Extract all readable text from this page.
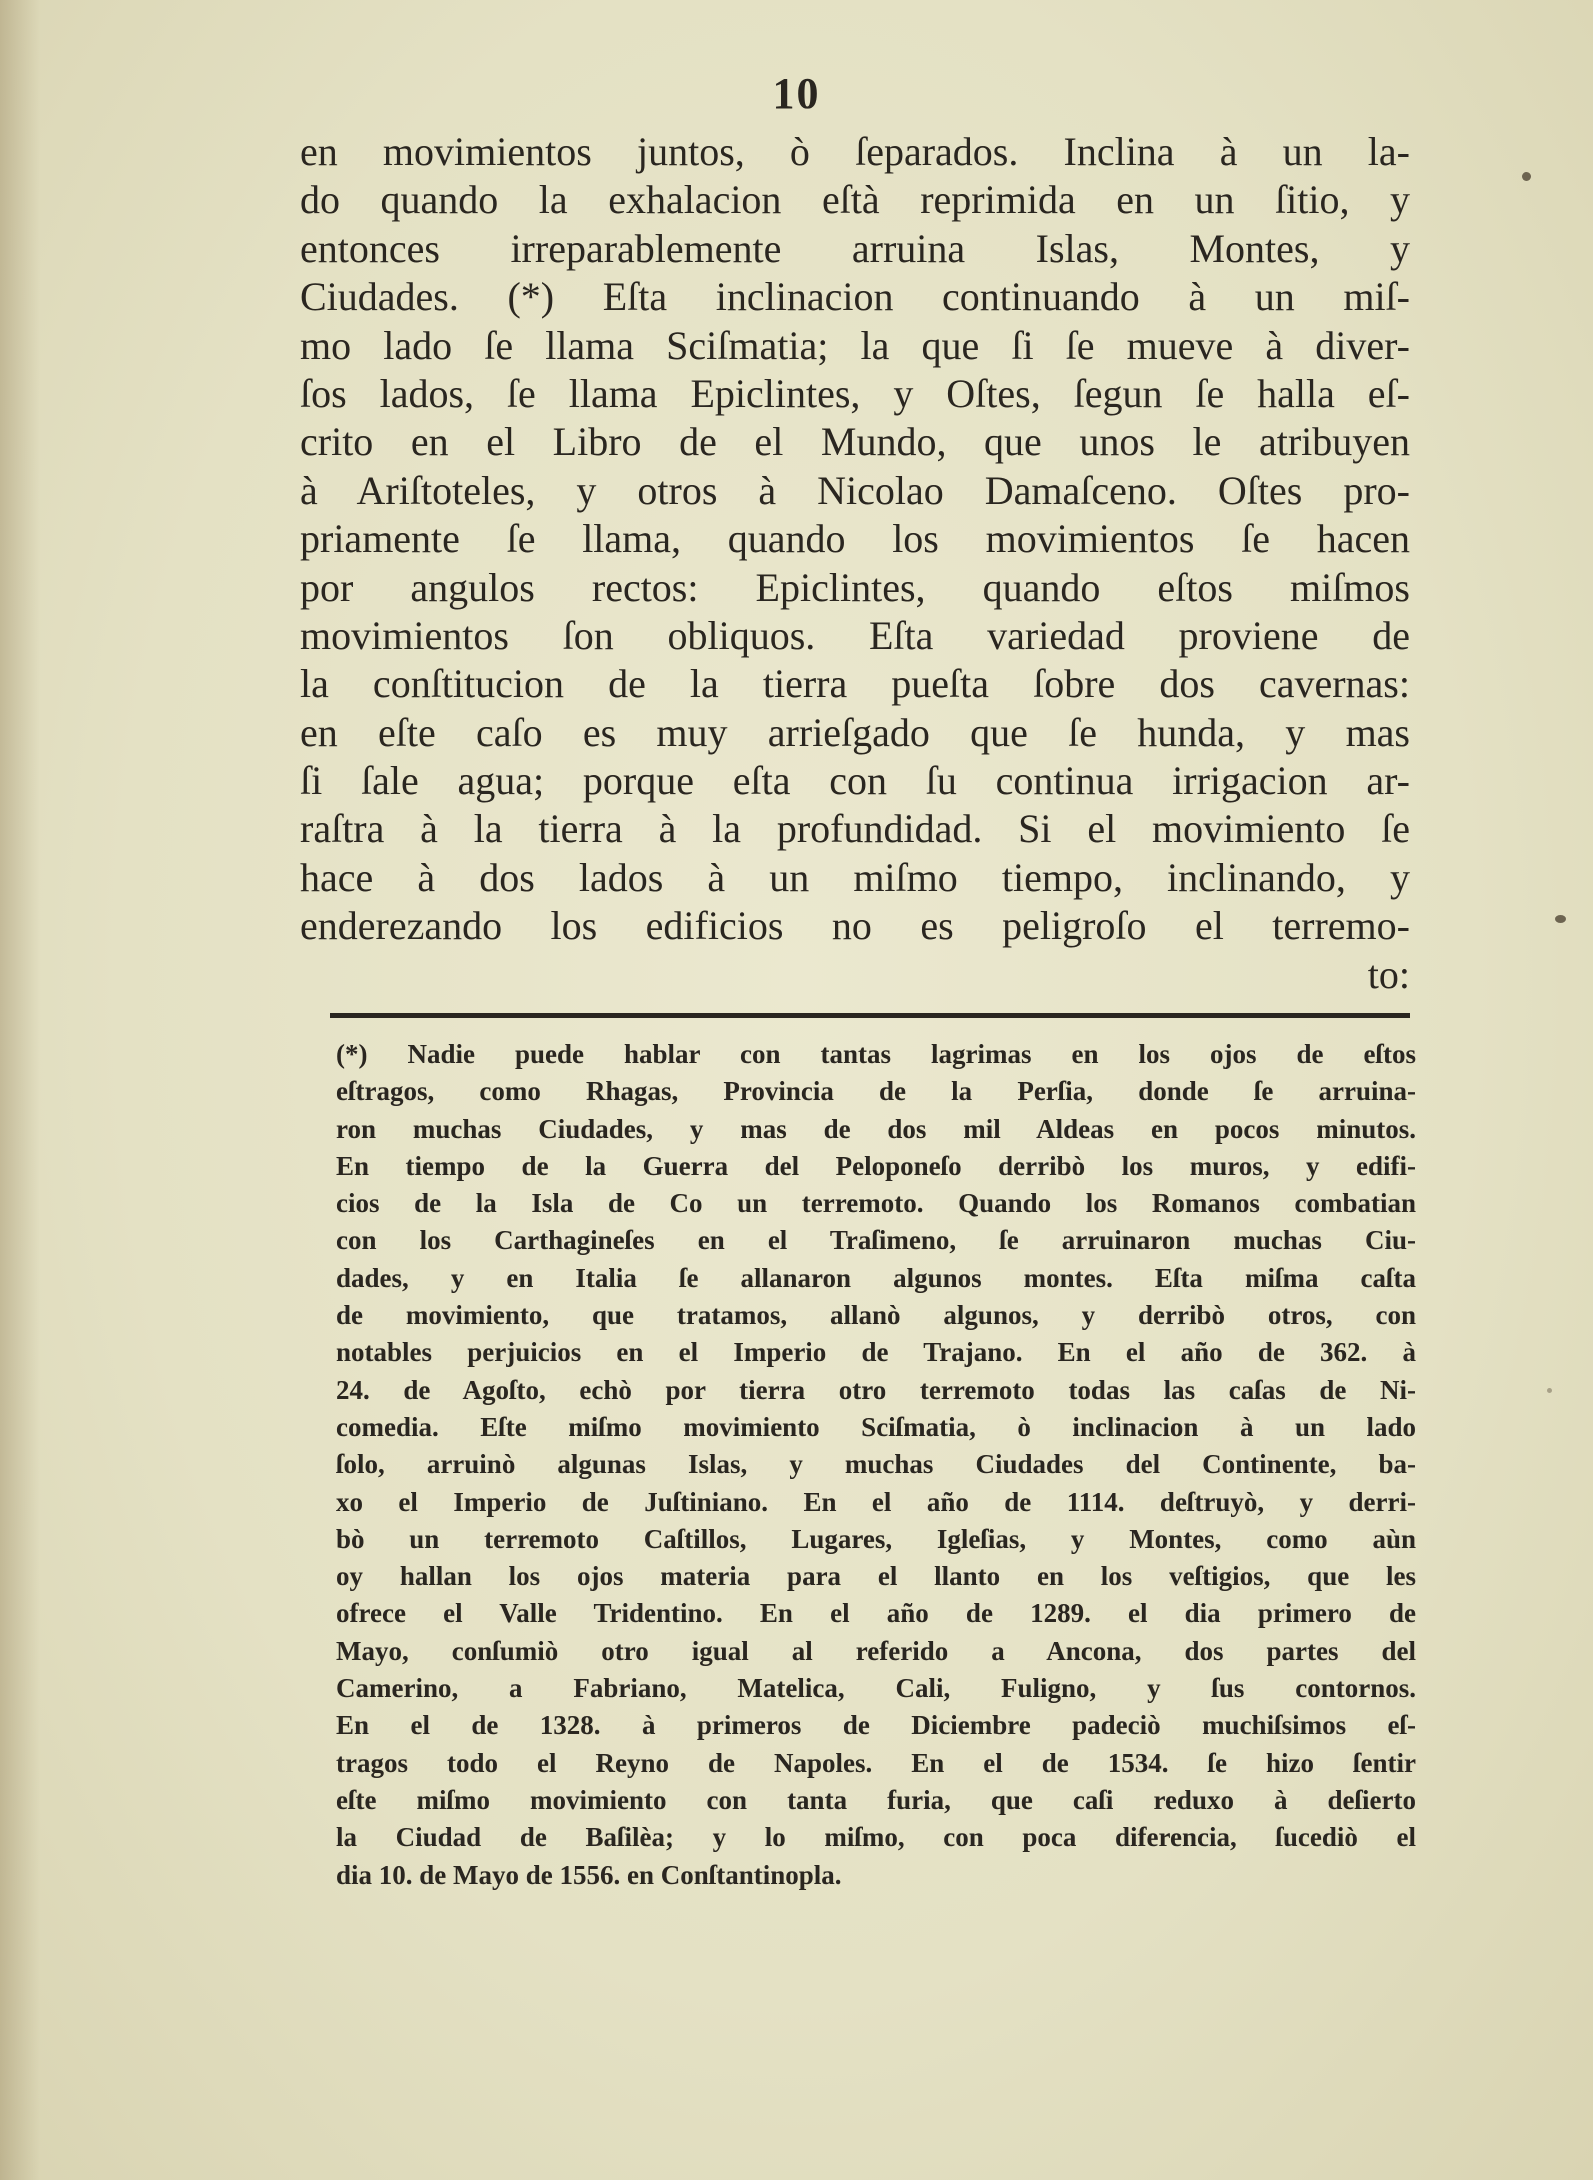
10
en movimientos juntos, ò ſeparados. Inclina à un la-
do quando la exhalacion eſtà reprimida en un ſitio, y
entonces irreparablemente arruina Islas, Montes, y
Ciudades. (*) Eſta inclinacion continuando à un miſ-
mo lado ſe llama Sciſmatia; la que ſi ſe mueve à diver-
ſos lados, ſe llama Epiclintes, y Oſtes, ſegun ſe halla eſ-
crito en el Libro de el Mundo, que unos le atribuyen
à Ariſtoteles, y otros à Nicolao Damaſceno. Oſtes pro-
priamente ſe llama, quando los movimientos ſe hacen
por angulos rectos: Epiclintes, quando eſtos miſmos
movimientos ſon obliquos. Eſta variedad proviene de
la conſtitucion de la tierra pueſta ſobre dos cavernas:
en eſte caſo es muy arrieſgado que ſe hunda, y mas
ſi ſale agua; porque eſta con ſu continua irrigacion ar-
raſtra à la tierra à la profundidad. Si el movimiento ſe
hace à dos lados à un miſmo tiempo, inclinando, y
enderezando los edificios no es peligroſo el terremo-
to:
(*) Nadie puede hablar con tantas lagrimas en los ojos de eſtos
eſtragos, como Rhagas, Provincia de la Perſia, donde ſe arruina-
ron muchas Ciudades, y mas de dos mil Aldeas en pocos minutos.
En tiempo de la Guerra del Peloponeſo derribò los muros, y edifi-
cios de la Isla de Co un terremoto. Quando los Romanos combatian
con los Carthagineſes en el Traſimeno, ſe arruinaron muchas Ciu-
dades, y en Italia ſe allanaron algunos montes. Eſta miſma caſta
de movimiento, que tratamos, allanò algunos, y derribò otros, con
notables perjuicios en el Imperio de Trajano. En el año de 362. à
24. de Agoſto, echò por tierra otro terremoto todas las caſas de Ni-
comedia. Eſte miſmo movimiento Sciſmatia, ò inclinacion à un lado
ſolo, arruinò algunas Islas, y muchas Ciudades del Continente, ba-
xo el Imperio de Juſtiniano. En el año de 1114. deſtruyò, y derri-
bò un terremoto Caſtillos, Lugares, Igleſias, y Montes, como aùn
oy hallan los ojos materia para el llanto en los veſtigios, que les
ofrece el Valle Tridentino. En el año de 1289. el dia primero de
Mayo, conſumiò otro igual al referido a Ancona, dos partes del
Camerino, a Fabriano, Matelica, Cali, Fuligno, y ſus contornos.
En el de 1328. à primeros de Diciembre padeciò muchiſsimos eſ-
tragos todo el Reyno de Napoles. En el de 1534. ſe hizo ſentir
eſte miſmo movimiento con tanta furia, que caſi reduxo à deſierto
la Ciudad de Baſilèa; y lo miſmo, con poca diferencia, ſucediò el
dia 10. de Mayo de 1556. en Conſtantinopla.
